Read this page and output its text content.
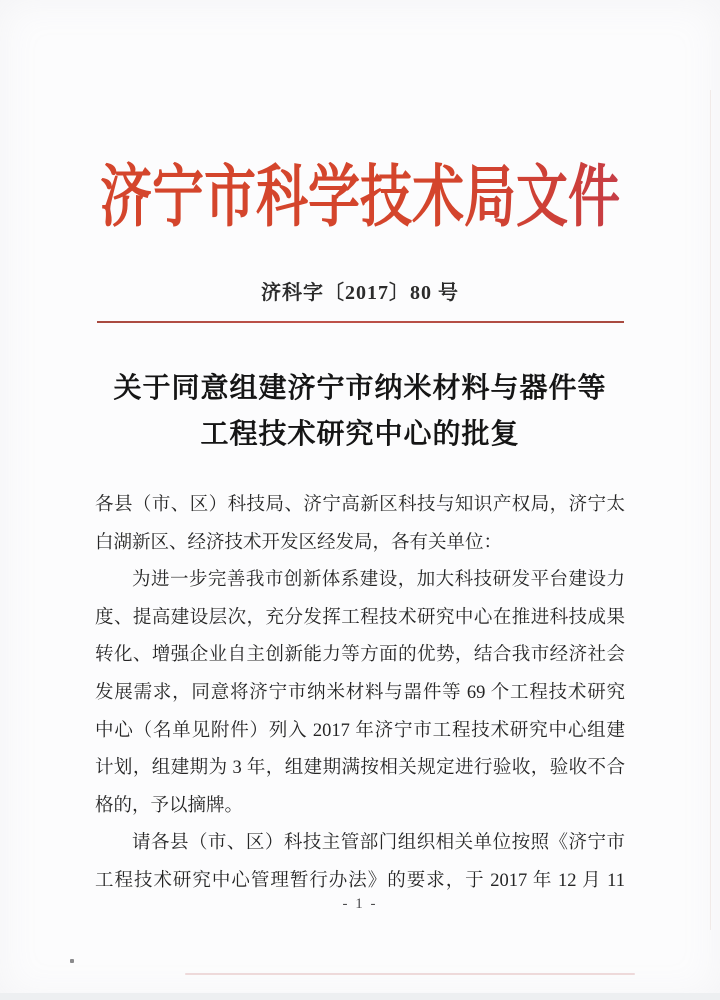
济宁市科学技术局文件
济科字〔2017〕80 号
关于同意组建济宁市纳米材料与器件等
工程技术研究中心的批复
各县（市、区）科技局、济宁高新区科技与知识产权局，济宁太
白湖新区、经济技术开发区经发局，各有关单位：
为进一步完善我市创新体系建设，加大科技研发平台建设力
度、提高建设层次，充分发挥工程技术研究中心在推进科技成果
转化、增强企业自主创新能力等方面的优势，结合我市经济社会
发展需求，同意将济宁市纳米材料与噐件等 69 个工程技术研究
中心（名单见附件）列入 2017 年济宁市工程技术研究中心组建
计划，组建期为 3 年，组建期满按相关规定进行验收，验收不合
格的，予以摘牌。
请各县（市、区）科技主管部门组织相关单位按照《济宁市
工程技术研究中心管理暂行办法》的要求，于 2017 年 12 月 11
- 1 -
